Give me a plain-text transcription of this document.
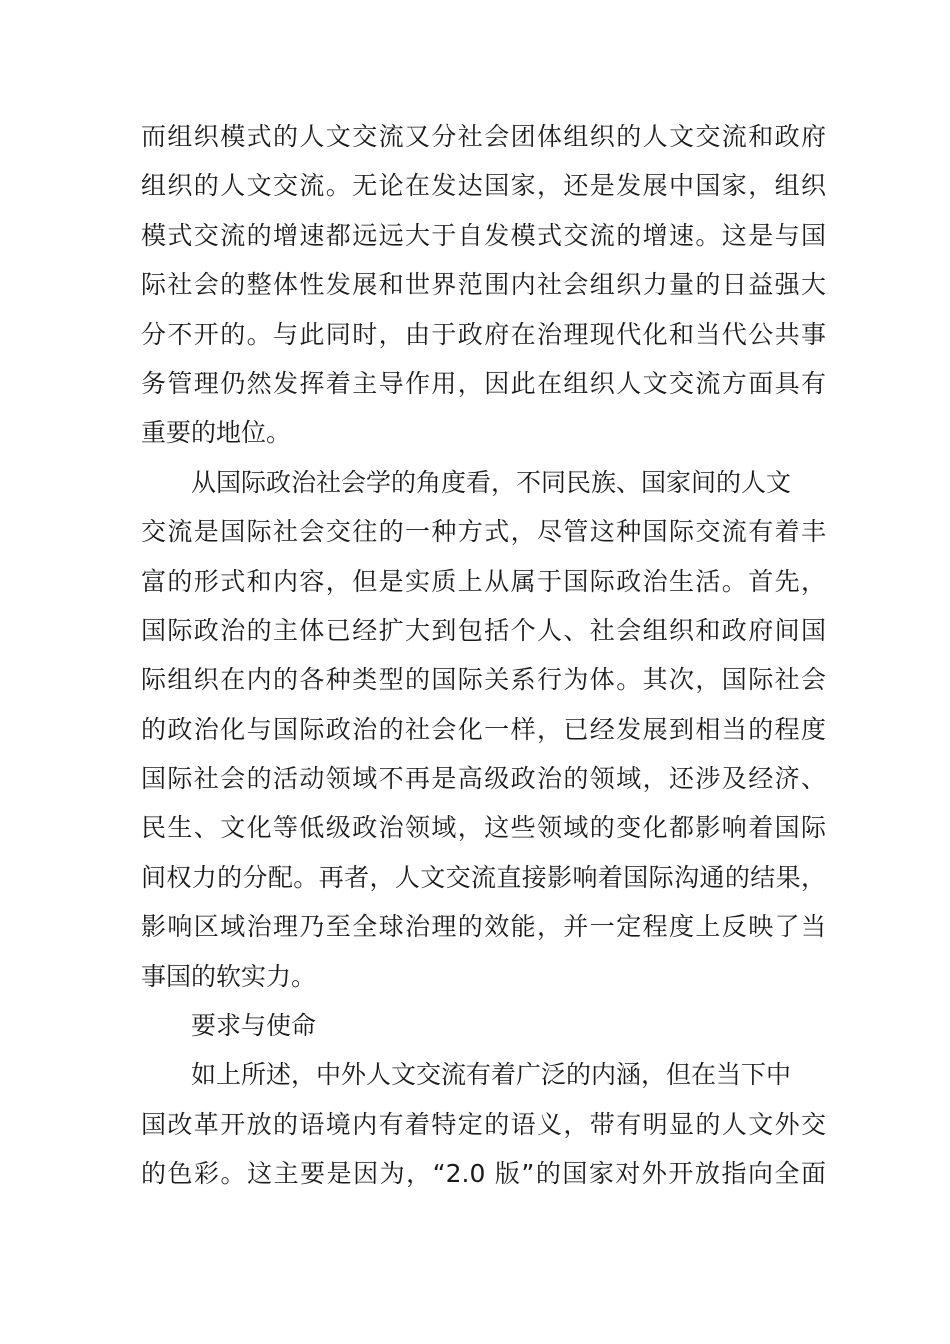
而组织模式的人文交流又分社会团体组织的人文交流和政府
组织的人文交流。无论在发达国家，还是发展中国家，组织
模式交流的增速都远远大于自发模式交流的增速。这是与国
际社会的整体性发展和世界范围内社会组织力量的日益强大
分不开的。与此同时，由于政府在治理现代化和当代公共事
务管理仍然发挥着主导作用，因此在组织人文交流方面具有
重要的地位。
从国际政治社会学的角度看，不同民族、国家间的人文
交流是国际社会交往的一种方式，尽管这种国际交流有着丰
富的形式和内容，但是实质上从属于国际政治生活。首先，
国际政治的主体已经扩大到包括个人、社会组织和政府间国
际组织在内的各种类型的国际关系行为体。其次，国际社会
的政治化与国际政治的社会化一样，已经发展到相当的程度
国际社会的活动领域不再是高级政治的领域，还涉及经济、
民生、文化等低级政治领域，这些领域的变化都影响着国际
间权力的分配。再者，人文交流直接影响着国际沟通的结果，
影响区域治理乃至全球治理的效能，并一定程度上反映了当
事国的软实力。
要求与使命
如上所述，中外人文交流有着广泛的内涵，但在当下中
国改革开放的语境内有着特定的语义，带有明显的人文外交
的色彩。这主要是因为，“2.0 版”的国家对外开放指向全面
